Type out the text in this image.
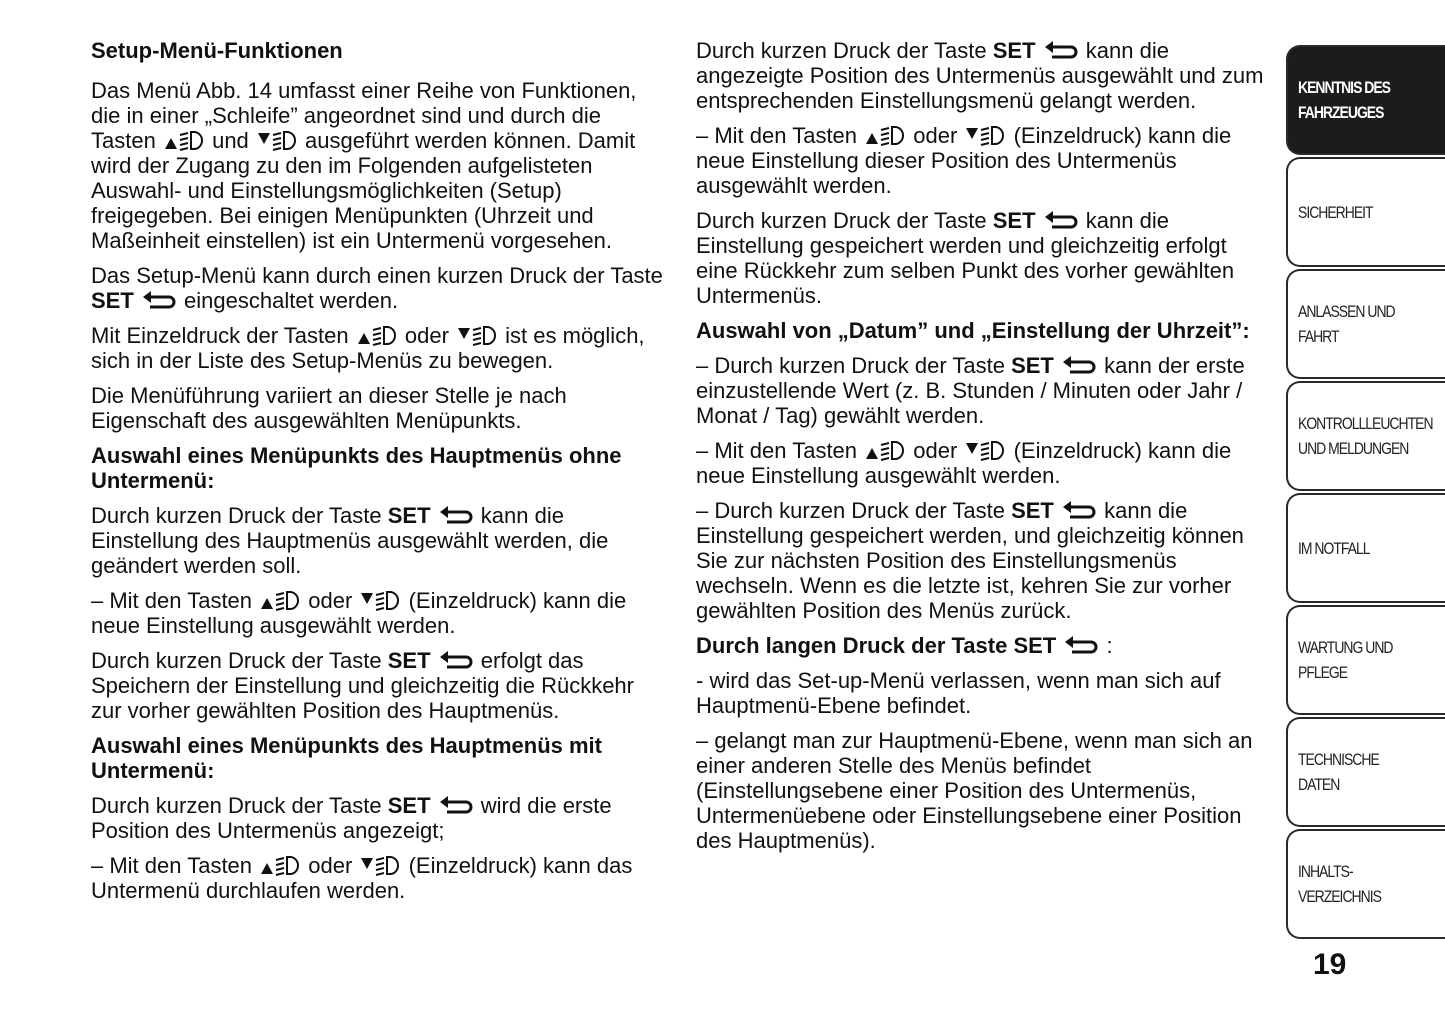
Setup-Menü-Funktionen

Das Menü Abb. 14 umfasst einer Reihe von Funktionen, die in einer „Schleife” angeordnet sind und durch die Tasten	und	ausgeführt werden können. Damit wird der Zugang zu den im Folgenden aufgelisteten Auswahl- und Einstellungsmöglichkeiten (Setup) freigegeben. Bei einigen Menüpunkten (Uhrzeit und Maßeinheit einstellen) ist ein Untermenü vorgesehen.

Das Setup-Menü kann durch einen kurzen Druck der Taste SET eingeschaltet werden.

Mit Einzeldruck der Tasten	oder	ist es möglich, sich in der Liste des Setup-Menüs zu bewegen.

Die Menüführung variiert an dieser Stelle je nach Eigenschaft des ausgewählten Menüpunkts.

Auswahl eines Menüpunkts des Hauptmenüs ohne Untermenü:

Durch kurzen Druck der Taste SET kann die Einstellung des Hauptmenüs ausgewählt werden, die geändert werden soll.

– Mit den Tasten	oder	(Einzeldruck) kann die neue Einstellung ausgewählt werden.

Durch kurzen Druck der Taste SET erfolgt das Speichern der Einstellung und gleichzeitig die Rückkehr zur vorher gewählten Position des Hauptmenüs.

Auswahl eines Menüpunkts des Hauptmenüs mit Untermenü:

Durch kurzen Druck der Taste SET wird die erste Position des Untermenüs angezeigt;

– Mit den Tasten	oder	(Einzeldruck) kann das Untermenü durchlaufen werden.

Durch kurzen Druck der Taste SET kann die angezeigte Position des Untermenüs ausgewählt und zum entsprechenden Einstellungsmenü gelangt werden.

– Mit den Tasten	oder	(Einzeldruck) kann die neue Einstellung dieser Position des Untermenüs ausgewählt werden.

Durch kurzen Druck der Taste SET kann die Einstellung gespeichert werden und gleichzeitig erfolgt eine Rückkehr zum selben Punkt des vorher gewählten Untermenüs.

Auswahl von „Datum” und „Einstellung der Uhrzeit”:

– Durch kurzen Druck der Taste SET kann der erste einzustellende Wert (z. B. Stunden / Minuten oder Jahr / Monat / Tag) gewählt werden.

– Mit den Tasten	oder	(Einzeldruck) kann die neue Einstellung ausgewählt werden.

– Durch kurzen Druck der Taste SET kann die Einstellung gespeichert werden, und gleichzeitig können Sie zur nächsten Position des Einstellungsmenüs wechseln. Wenn es die letzte ist, kehren Sie zur vorher gewählten Position des Menüs zurück.

Durch langen Druck der Taste SET :

- wird das Set-up-Menü verlassen, wenn man sich auf Hauptmenü-Ebene befindet.

– gelangt man zur Hauptmenü-Ebene, wenn man sich an einer anderen Stelle des Menüs befindet (Einstellungsebene einer Position des Untermenüs, Untermenüebene oder Einstellungsebene einer Position des Hauptmenüs).

KENNTNIS DES
FAHRZEUGES
SICHERHEIT
ANLASSEN UND
FAHRT
KONTROLLLEUCHTEN
UND MELDUNGEN
IM NOTFALL
WARTUNG UND
PFLEGE
TECHNISCHE DATEN
INHALTS-
VERZEICHNIS
19
